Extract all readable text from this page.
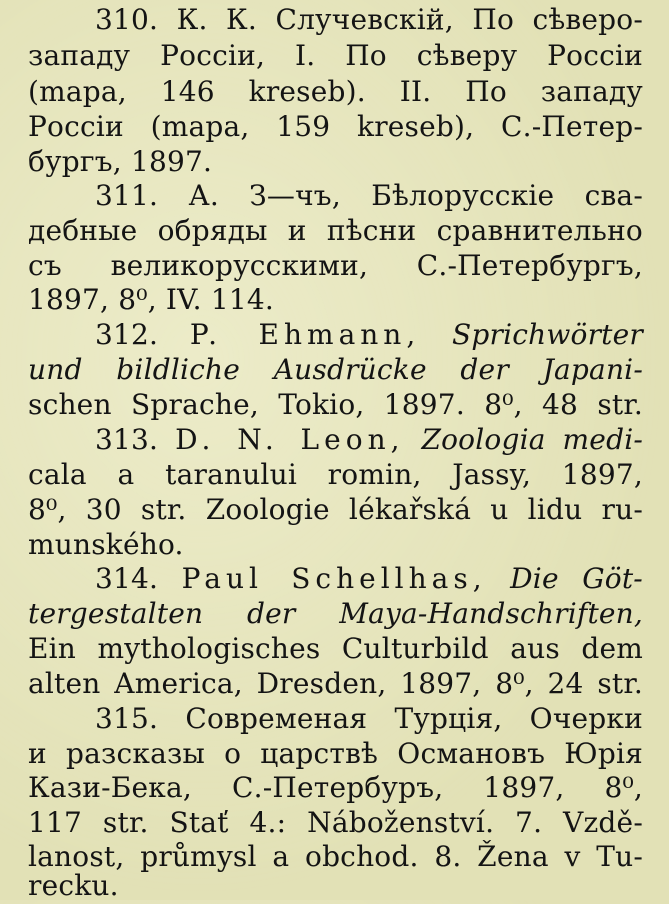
310. К. К. Случевскій, По сѣверо-
западу Россіи, I. По сѣверу Россіи
(mapa, 146 kreseb). II. По западу
Россіи (mapa, 159 kreseb), С.-Петер-
бургъ, 1897.
311. А. З—чъ, Бѣлорусскіе сва-
дебные обряды и пѣсни сравнительно
съ великорусскими, С.-Петербургъ,
1897, 8⁰, IV. 114.
312. P. Ehmann, Sprichwörter
und bildliche Ausdrücke der Japani-
schen Sprache, Tokio, 1897. 8⁰, 48 str.
313. D. N. Leon, Zoologia medi-
cala a taranului romin, Jassy, 1897,
8⁰, 30 str. Zoologie lékařská u lidu ru-
munského.
314. Paul Schellhas, Die Göt-
tergestalten der Maya-Handschriften,
Ein mythologisches Culturbild aus dem
alten America, Dresden, 1897, 8⁰, 24 str.
315. Современая Турція, Очерки
и разсказы о царствѣ Османовъ Юрія
Кази-Бека, С.-Петербуръ, 1897, 8⁰,
117 str. Stať 4.: Náboženství. 7. Vzdě-
lanost, průmysl a obchod. 8. Žena v Tu-
recku.
